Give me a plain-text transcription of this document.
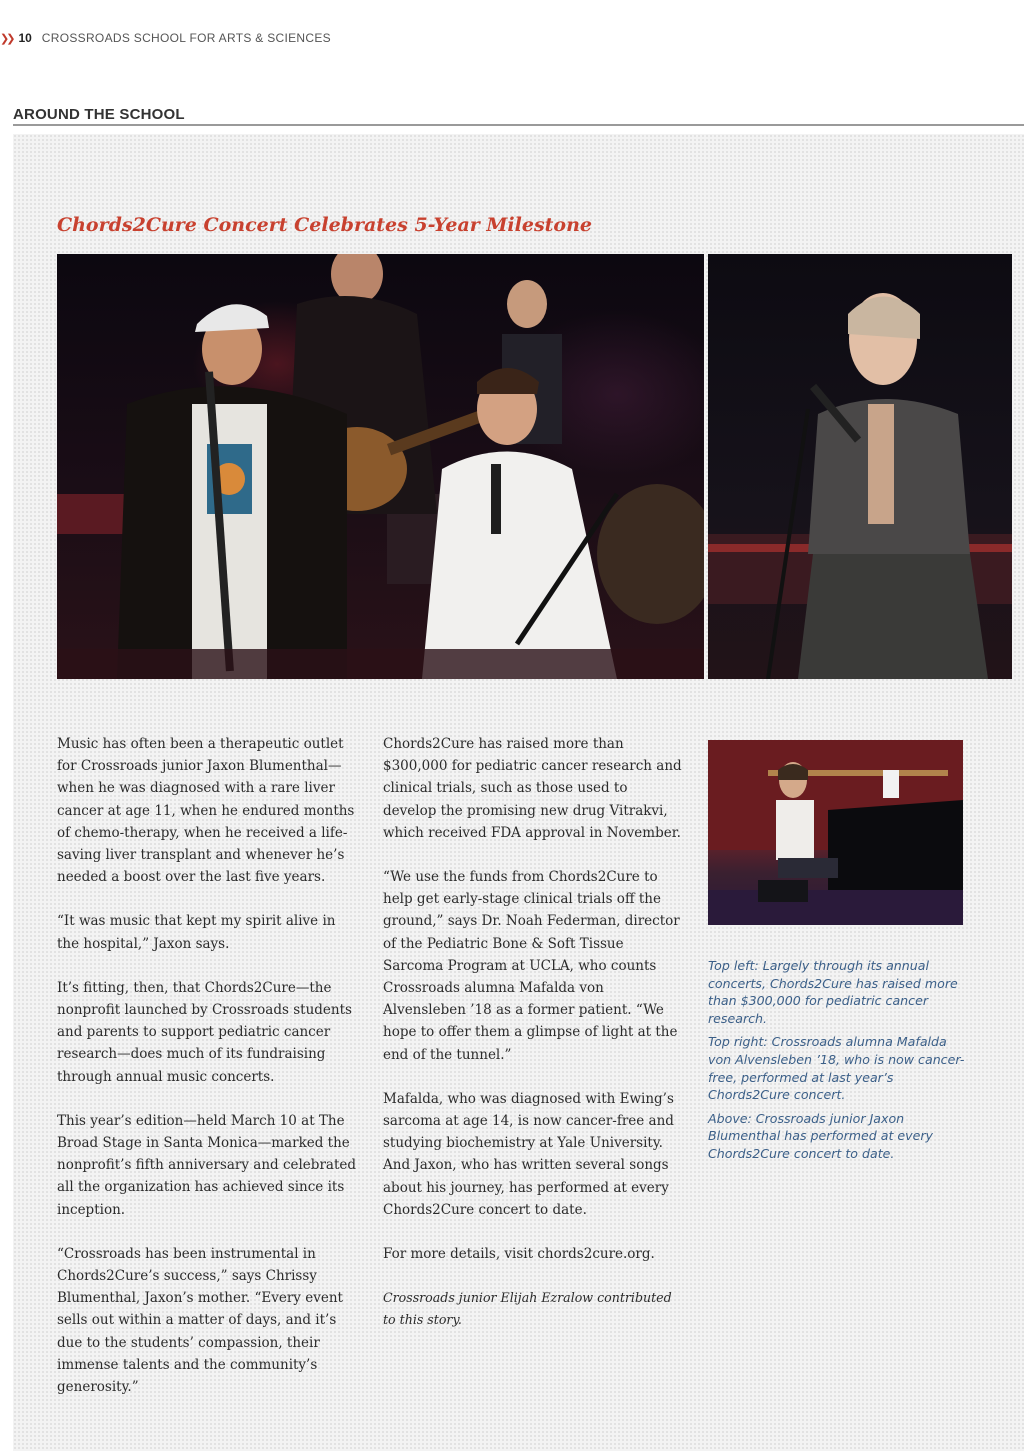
❯❯ 10 CROSSROADS SCHOOL FOR ARTS & SCIENCES
AROUND THE SCHOOL
Chords2Cure Concert Celebrates 5-Year Milestone

Music has often been a therapeutic outlet for Crossroads junior Jaxon Blumenthal—when he was diagnosed with a rare liver cancer at age 11, when he endured months of chemo-therapy, when he received a life-saving liver transplant and whenever he’s needed a boost over the last five years.

“It was music that kept my spirit alive in the hospital,” Jaxon says.

It’s fitting, then, that Chords2Cure—the nonprofit launched by Crossroads students and parents to support pediatric cancer research—does much of its fundraising through annual music concerts.

This year’s edition—held March 10 at The Broad Stage in Santa Monica—marked the nonprofit’s fifth anniversary and celebrated all the organization has achieved since its inception.

“Crossroads has been instrumental in Chords2Cure’s success,” says Chrissy Blumenthal, Jaxon’s mother. “Every event sells out within a matter of days, and it’s due to the students’ compassion, their immense talents and the community’s generosity.”

Chords2Cure has raised more than $300,000 for pediatric cancer research and clinical trials, such as those used to develop the promising new drug Vitrakvi, which received FDA approval in November.

“We use the funds from Chords2Cure to help get early-stage clinical trials off the ground,” says Dr. Noah Federman, director of the Pediatric Bone & Soft Tissue Sarcoma Program at UCLA, who counts Crossroads alumna Mafalda von Alvensleben ’18 as a former patient. “We hope to offer them a glimpse of light at the end of the tunnel.”

Mafalda, who was diagnosed with Ewing’s sarcoma at age 14, is now cancer-free and studying biochemistry at Yale University. And Jaxon, who has written several songs about his journey, has performed at every Chords2Cure concert to date.

For more details, visit chords2cure.org.

Crossroads junior Elijah Ezralow contributed to this story.

Top left: Largely through its annual concerts, Chords2Cure has raised more than $300,000 for pediatric cancer research.

Top right: Crossroads alumna Mafalda von Alvensleben ’18, who is now cancer-free, performed at last year’s Chords2Cure concert.

Above: Crossroads junior Jaxon Blumenthal has performed at every Chords2Cure concert to date.
